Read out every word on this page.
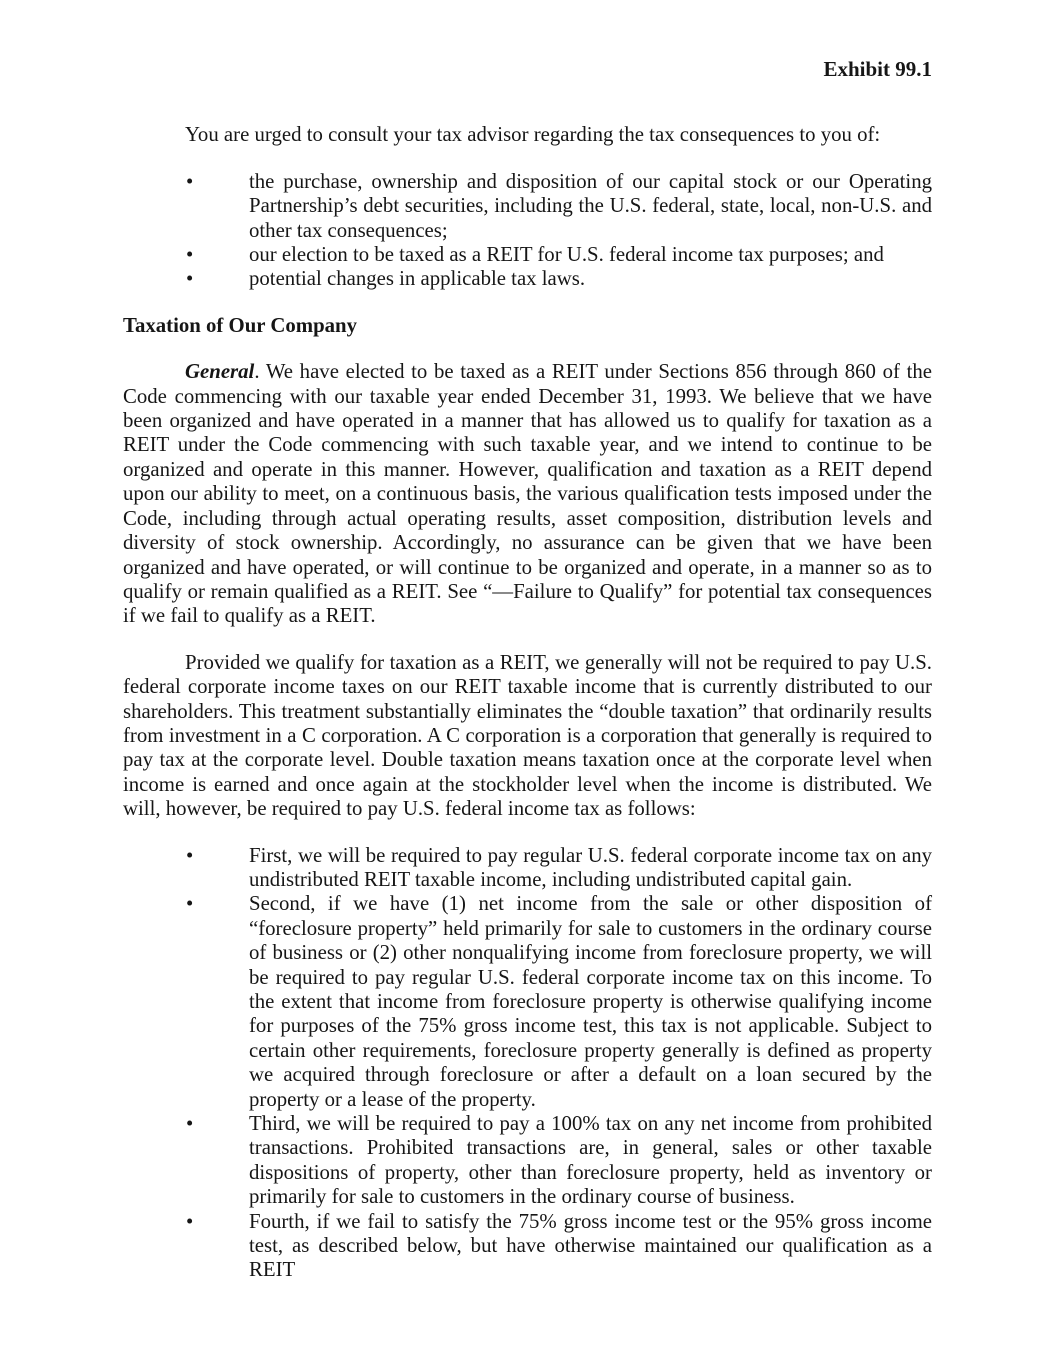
Exhibit 99.1

You are urged to consult your tax advisor regarding the tax consequences to you of:

•	the purchase, ownership and disposition of our capital stock or our Operating Partnership’s debt securities, including the U.S. federal, state, local, non-U.S. and other tax consequences;
•	our election to be taxed as a REIT for U.S. federal income tax purposes; and
•	potential changes in applicable tax laws.
Taxation of Our Company

General. We have elected to be taxed as a REIT under Sections 856 through 860 of the Code commencing with our taxable year ended December 31, 1993. We believe that we have been organized and have operated in a manner that has allowed us to qualify for taxation as a REIT under the Code commencing with such taxable year, and we intend to continue to be organized and operate in this manner. However, qualification and taxation as a REIT depend upon our ability to meet, on a continuous basis, the various qualification tests imposed under the Code, including through actual operating results, asset composition, distribution levels and diversity of stock ownership. Accordingly, no assurance can be given that we have been organized and have operated, or will continue to be organized and operate, in a manner so as to qualify or remain qualified as a REIT. See “—Failure to Qualify” for potential tax consequences if we fail to qualify as a REIT.

Provided we qualify for taxation as a REIT, we generally will not be required to pay U.S. federal corporate income taxes on our REIT taxable income that is currently distributed to our shareholders. This treatment substantially eliminates the “double taxation” that ordinarily results from investment in a C corporation. A C corporation is a corporation that generally is required to pay tax at the corporate level. Double taxation means taxation once at the corporate level when income is earned and once again at the stockholder level when the income is distributed. We will, however, be required to pay U.S. federal income tax as follows:

•	First, we will be required to pay regular U.S. federal corporate income tax on any undistributed REIT taxable income, including undistributed capital gain.
•	Second, if we have (1) net income from the sale or other disposition of “foreclosure property” held primarily for sale to customers in the ordinary course of business or (2) other nonqualifying income from foreclosure property, we will be required to pay regular U.S. federal corporate income tax on this income. To the extent that income from foreclosure property is otherwise qualifying income for purposes of the 75% gross income test, this tax is not applicable. Subject to certain other requirements, foreclosure property generally is defined as property we acquired through foreclosure or after a default on a loan secured by the property or a lease of the property.
•	Third, we will be required to pay a 100% tax on any net income from prohibited transactions. Prohibited transactions are, in general, sales or other taxable dispositions of property, other than foreclosure property, held as inventory or primarily for sale to customers in the ordinary course of business.
•	Fourth, if we fail to satisfy the 75% gross income test or the 95% gross income test, as described below, but have otherwise maintained our qualification as a REIT
